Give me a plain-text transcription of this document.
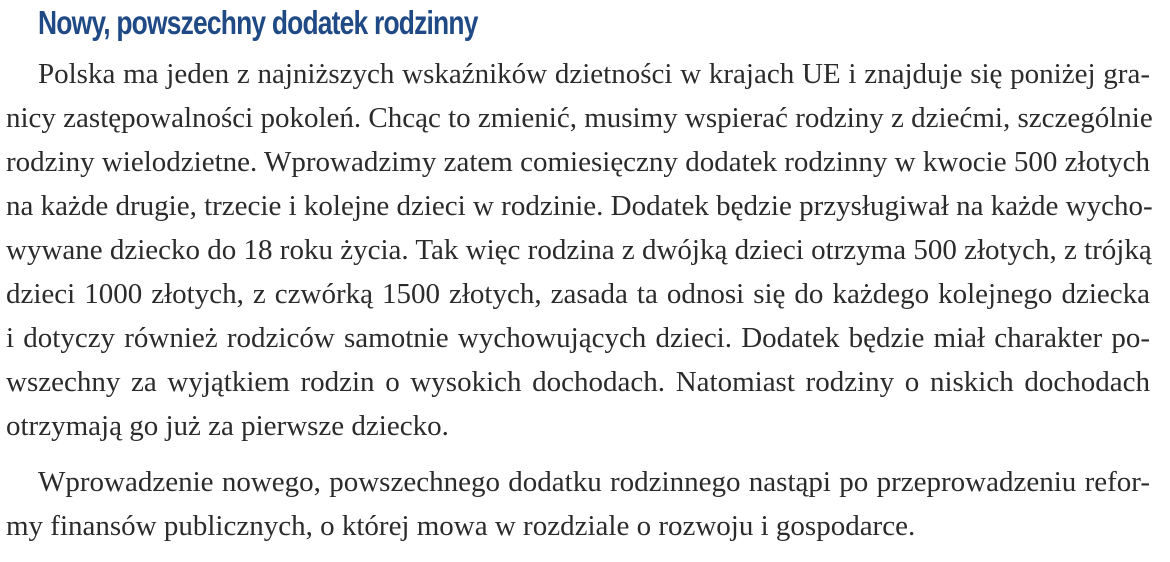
Nowy, powszechny dodatek rodzinny
Polska ma jeden z najniższych wskaźników dzietności w krajach UE i znajduje się poniżej gra-
nicy zastępowalności pokoleń. Chcąc to zmienić, musimy wspierać rodziny z dziećmi, szczególnie
rodziny wielodzietne. Wprowadzimy zatem comiesięczny dodatek rodzinny w kwocie 500 złotych
na każde drugie, trzecie i kolejne dzieci w rodzinie. Dodatek będzie przysługiwał na każde wycho-
wywane dziecko do 18 roku życia. Tak więc rodzina z dwójką dzieci otrzyma 500 złotych, z trójką
dzieci 1000 złotych, z czwórką 1500 złotych, zasada ta odnosi się do każdego kolejnego dziecka
i dotyczy również rodziców samotnie wychowujących dzieci. Dodatek będzie miał charakter po-
wszechny za wyjątkiem rodzin o wysokich dochodach. Natomiast rodziny o niskich dochodach
otrzymają go już za pierwsze dziecko.
Wprowadzenie nowego, powszechnego dodatku rodzinnego nastąpi po przeprowadzeniu refor-
my finansów publicznych, o której mowa w rozdziale o rozwoju i gospodarce.
